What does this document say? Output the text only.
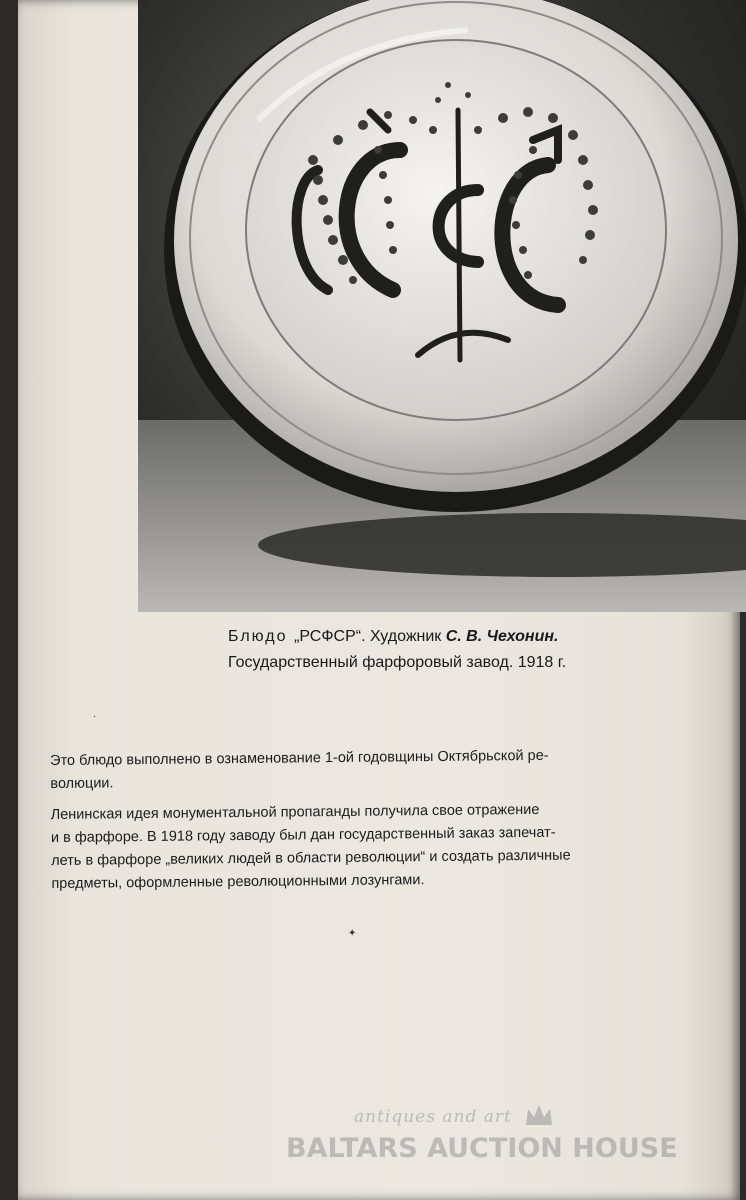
Блюдо „РСФСР“. Художник С. В. Чехонин.
Государственный фарфоровый завод. 1918 г.

Это блюдо выполнено в ознаменование 1-ой годовщины Октябрьской ре-
волюции.

Ленинская идея монументальной пропаганды получила свое отражение
и в фарфоре. В 1918 году заводу был дан государственный заказ запечат-
леть в фарфоре „великих людей в области революции“ и создать различные
предметы, оформленные революционными лозунгами.

✦
·
antiques and art
BALTARS AUCTION HOUSE
